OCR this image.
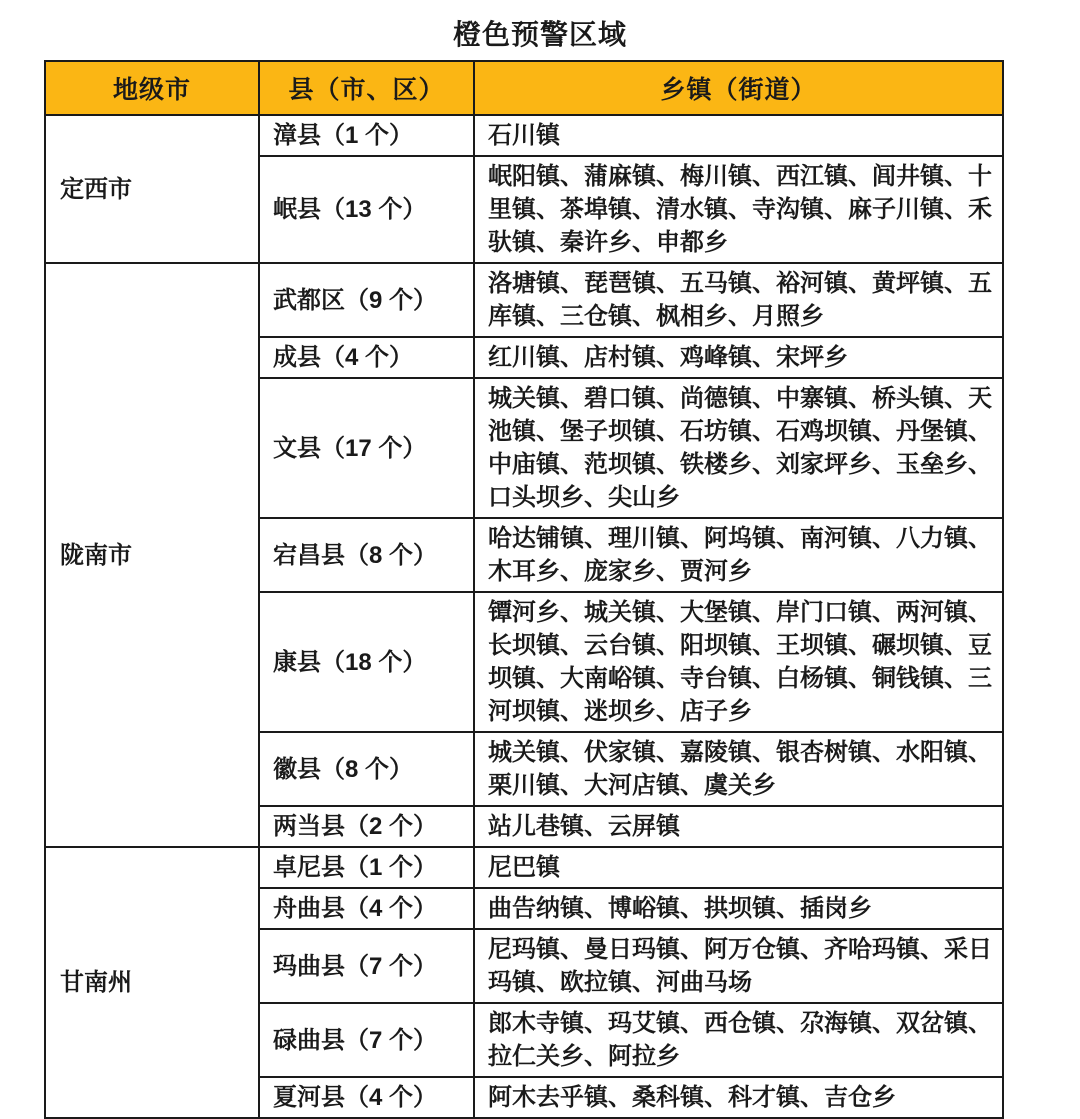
橙色预警区域
地级市	县（市、区）	乡镇（街道）
定西市	漳县（1 个）	石川镇
	岷县（13 个）	岷阳镇、蒲麻镇、梅川镇、西江镇、闾井镇、十里镇、茶埠镇、清水镇、寺沟镇、麻子川镇、禾驮镇、秦许乡、申都乡
陇南市	武都区（9 个）	洛塘镇、琵琶镇、五马镇、裕河镇、黄坪镇、五库镇、三仓镇、枫相乡、月照乡
	成县（4 个）	红川镇、店村镇、鸡峰镇、宋坪乡
	文县（17 个）	城关镇、碧口镇、尚德镇、中寨镇、桥头镇、天池镇、堡子坝镇、石坊镇、石鸡坝镇、丹堡镇、中庙镇、范坝镇、铁楼乡、刘家坪乡、玉垒乡、口头坝乡、尖山乡
	宕昌县（8 个）	哈达铺镇、理川镇、阿坞镇、南河镇、八力镇、木耳乡、庞家乡、贾河乡
	康县（18 个）	镡河乡、城关镇、大堡镇、岸门口镇、两河镇、长坝镇、云台镇、阳坝镇、王坝镇、碾坝镇、豆坝镇、大南峪镇、寺台镇、白杨镇、铜钱镇、三河坝镇、迷坝乡、店子乡
	徽县（8 个）	城关镇、伏家镇、嘉陵镇、银杏树镇、水阳镇、栗川镇、大河店镇、虞关乡
	两当县（2 个）	站儿巷镇、云屏镇
甘南州	卓尼县（1 个）	尼巴镇
	舟曲县（4 个）	曲告纳镇、博峪镇、拱坝镇、插岗乡
	玛曲县（7 个）	尼玛镇、曼日玛镇、阿万仓镇、齐哈玛镇、采日玛镇、欧拉镇、河曲马场
	碌曲县（7 个）	郎木寺镇、玛艾镇、西仓镇、尕海镇、双岔镇、拉仁关乡、阿拉乡
	夏河县（4 个）	阿木去乎镇、桑科镇、科才镇、吉仓乡
